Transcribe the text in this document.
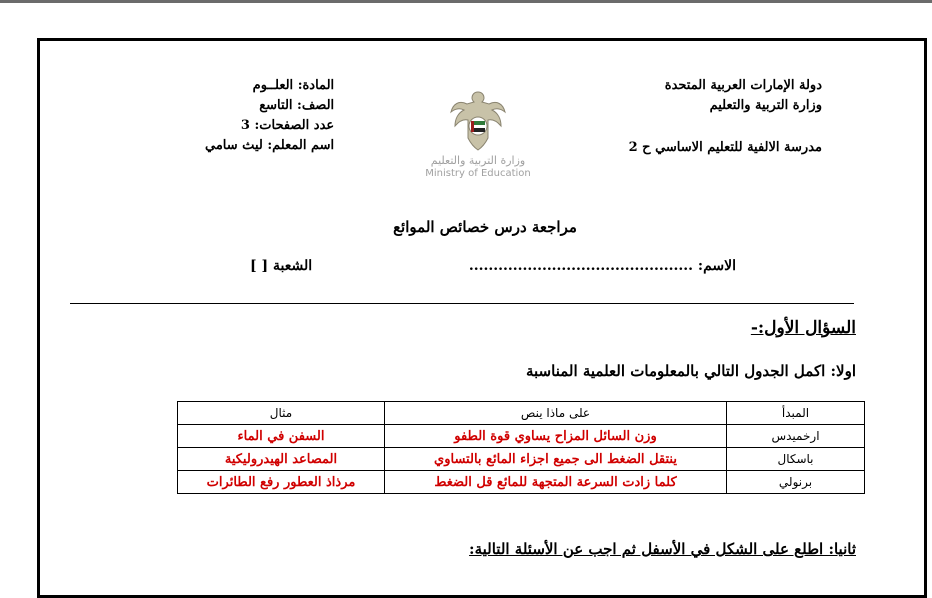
دولة الإمارات العربية المتحدة
وزارة التربية والتعليم
مدرسة الالفية للتعليم الاساسي ح 2
وزارة التربية والتعليم
Ministry of Education
المادة: العلــوم
الصف: التاسع
عدد الصفحات: 3
اسم المعلم: ليث سامي
مراجعة درس خصائص الموائع
الاسم: ..............................................
الشعبة [ ]
السؤال الأول:-
اولا: اكمل الجدول التالي بالمعلومات العلمية المناسبة
المبدأ	على ماذا ينص	مثال
ارخميدس	وزن السائل المزاح يساوي قوة الطفو	السفن في الماء
باسكال	ينتقل الضغط الى جميع اجزاء المائع بالتساوي	المصاعد الهيدروليكية
برنولي	كلما زادت السرعة المتجهة للمائع قل الضغط	مرذاذ العطور رفع الطائرات
ثانيا: اطلع على الشكل في الأسفل ثم اجب عن الأسئلة التالية:
